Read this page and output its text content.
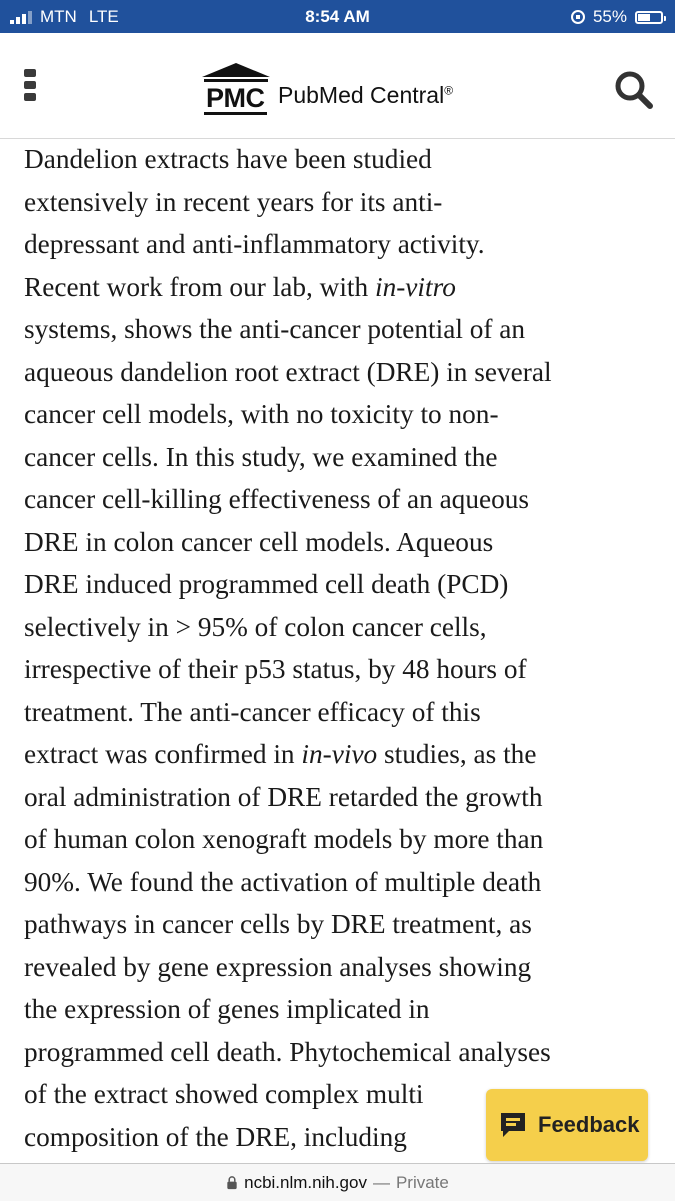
MTN LTE	8:54 AM	55%
PMC PubMed Central®

Dandelion extracts have been studied
extensively in recent years for its anti-
depressant and anti-inflammatory activity.
Recent work from our lab, with in-vitro
systems, shows the anti-cancer potential of an
aqueous dandelion root extract (DRE) in several
cancer cell models, with no toxicity to non-
cancer cells. In this study, we examined the
cancer cell-killing effectiveness of an aqueous
DRE in colon cancer cell models. Aqueous
DRE induced programmed cell death (PCD)
selectively in > 95% of colon cancer cells,
irrespective of their p53 status, by 48 hours of
treatment. The anti-cancer efficacy of this
extract was confirmed in in-vivo studies, as the
oral administration of DRE retarded the growth
of human colon xenograft models by more than
90%. We found the activation of multiple death
pathways in cancer cells by DRE treatment, as
revealed by gene expression analyses showing
the expression of genes implicated in
programmed cell death. Phytochemical analyses
of the extract showed complex multi
composition of the DRE, including	Feedback
ncbi.nlm.nih.gov — Private
